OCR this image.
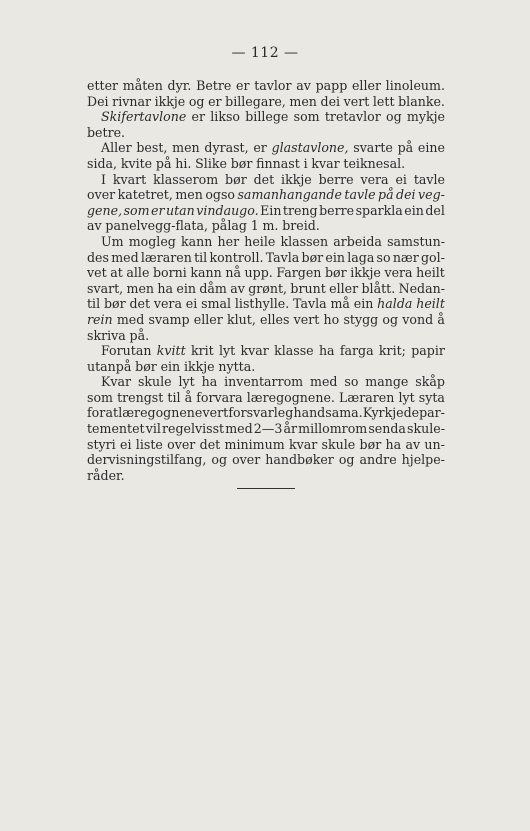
— 112 —
etter måten dyr. Betre er tavlor av papp eller linoleum.
Dei rivnar ikkje og er billegare, men dei vert lett blanke.
Skifertavlone er likso billege som tretavlor og mykje
betre.
Aller best, men dyrast, er glastavlone, svarte på eine
sida, kvite på hi. Slike bør finnast i kvar teiknesal.
I kvart klasserom bør det ikkje berre vera ei tavle
over katetret, men ogso samanhangande tavle på dei veg-
gene, som er utan vindaugo. Ein treng berre sparkla ein del
av panelvegg-flata, pålag 1 m. breid.
Um mogleg kann her heile klassen arbeida samstun-
des med læraren til kontroll. Tavla bør ein laga so nær gol-
vet at alle borni kann nå upp. Fargen bør ikkje vera heilt
svart, men ha ein dåm av grønt, brunt eller blått. Nedan-
til bør det vera ei smal listhylle. Tavla må ein halda heilt
rein med svamp eller klut, elles vert ho stygg og vond å
skriva på.
Forutan kvitt krit lyt kvar klasse ha farga krit; papir
utanpå bør ein ikkje nytta.
Kvar skule lyt ha inventarrom med so mange skåp
som trengst til å forvara læregognene. Læraren lyt syta
for at læregognene vert forsvarleg handsama. Kyrkjedepar-
tementet vil regelvisst med 2—3 år millomrom senda skule-
styri ei liste over det minimum kvar skule bør ha av un-
dervisningstilfang, og over handbøker og andre hjelpe-
råder.
